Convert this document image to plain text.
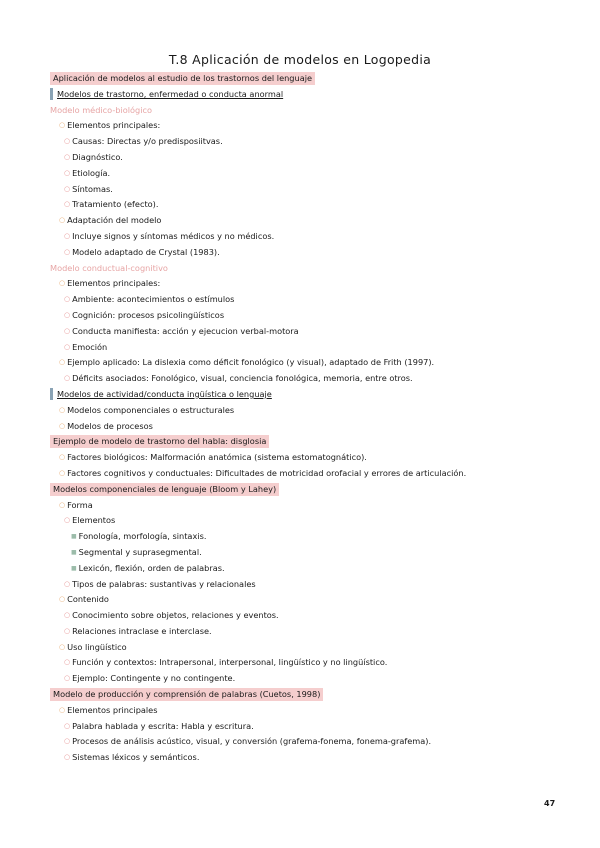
T.8 Aplicación de modelos en Logopedia
Aplicación de modelos al estudio de los trastornos del lenguaje
Modelos de trastorno, enfermedad o conducta anormal
Modelo médico-biológico
○ Elementos principales:
○ Causas: Directas y/o predisposiitvas.
○ Diagnóstico.
○ Etiología.
○ Síntomas.
○ Tratamiento (efecto).
○ Adaptación del modelo
○ Incluye signos y síntomas médicos y no médicos.
○ Modelo adaptado de Crystal (1983).
Modelo conductual-cognitivo
○ Elementos principales:
○ Ambiente: acontecimientos o estímulos
○ Cognición: procesos psicolingüísticos
○ Conducta manifiesta: acción y ejecucion verbal-motora
○ Emoción
○ Ejemplo aplicado: La dislexia como déficit fonológico (y visual), adaptado de Frith (1997).
○ Déficits asociados: Fonológico, visual, conciencia fonológica, memoria, entre otros.
Modelos de actividad/conducta ingüística o lenguaje
○ Modelos componenciales o estructurales
○ Modelos de procesos
Ejemplo de modelo de trastorno del habla: disglosia
○ Factores biológicos: Malformación anatómica (sistema estomatognático).
○ Factores cognitivos y conductuales: Dificultades de motricidad orofacial y errores de articulación.
Modelos componenciales de lenguaje (Bloom y Lahey)
○ Forma
○ Elementos
■ Fonología, morfología, sintaxis.
■ Segmental y suprasegmental.
■ Lexicón, flexión, orden de palabras.
○ Tipos de palabras: sustantivas y relacionales
○ Contenido
○ Conocimiento sobre objetos, relaciones y eventos.
○ Relaciones intraclase e interclase.
○ Uso lingüístico
○ Función y contextos: Intrapersonal, interpersonal, lingüístico y no lingüístico.
○ Ejemplo: Contingente y no contingente.
Modelo de producción y comprensión de palabras (Cuetos, 1998)
○ Elementos principales
○ Palabra hablada y escrita: Habla y escritura.
○ Procesos de análisis acústico, visual, y conversión (grafema-fonema, fonema-grafema).
○ Sistemas léxicos y semánticos.
47
